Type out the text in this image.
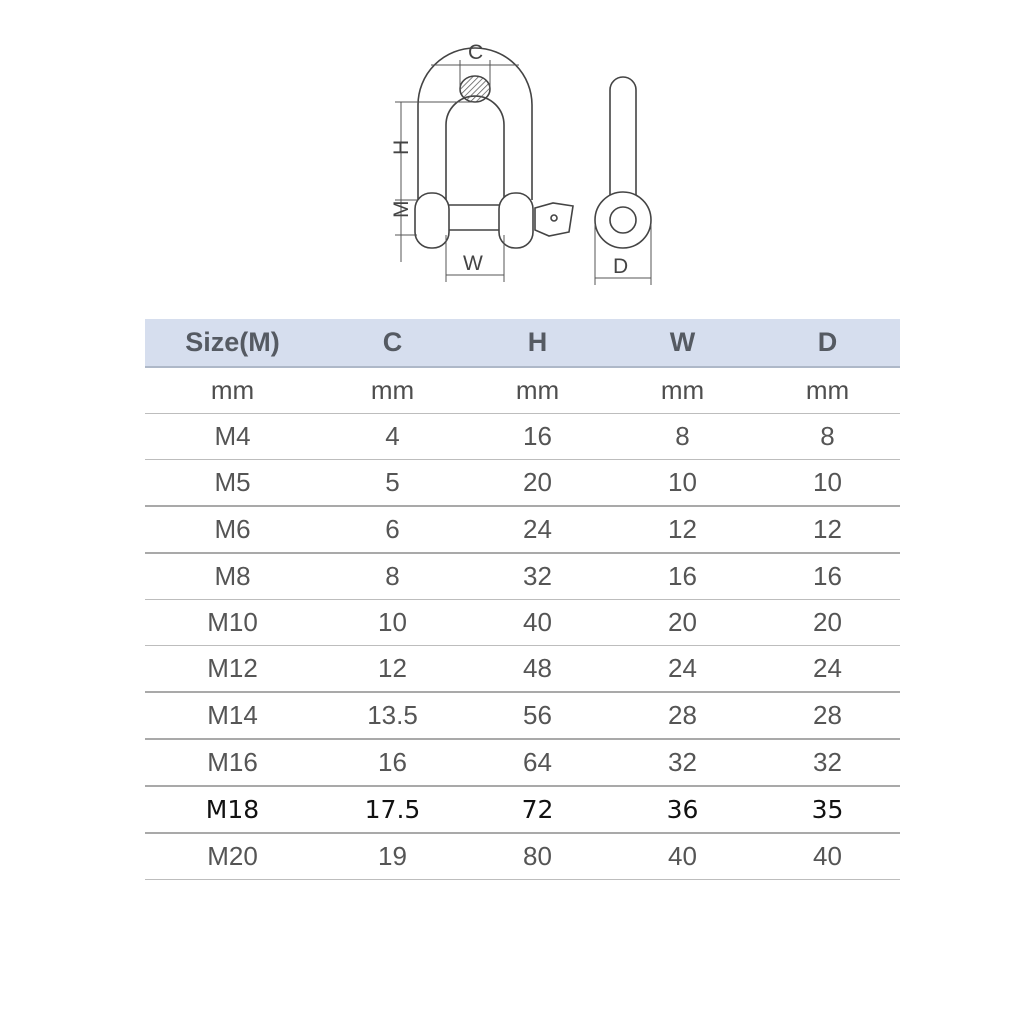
C
H
M
W	D
Size(M)	C	H	W	D
mm	mm	mm	mm	mm
M4	4	16	8	8
M5	5	20	10	10
M6	6	24	12	12
M8	8	32	16	16
M10	10	40	20	20
M12	12	48	24	24
M14	13.5	56	28	28
M16	16	64	32	32
M18	17.5	72	36	35
M20	19	80	40	40
